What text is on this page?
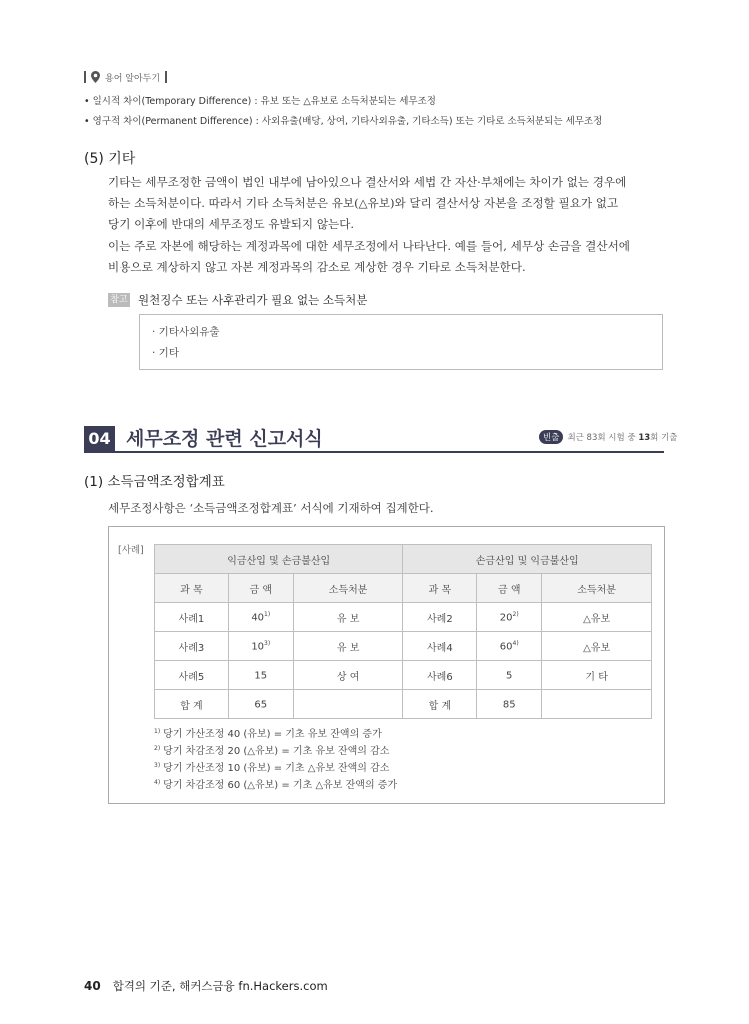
용어 알아두기
• 일시적 차이(Temporary Difference) : 유보 또는 △유보로 소득처분되는 세무조정
• 영구적 차이(Permanent Difference) : 사외유출(배당, 상여, 기타사외유출, 기타소득) 또는 기타로 소득처분되는 세무조정
(5) 기타
기타는 세무조정한 금액이 법인 내부에 남아있으나 결산서와 세법 간 자산·부채에는 차이가 없는 경우에
하는 소득처분이다. 따라서 기타 소득처분은 유보(△유보)와 달리 결산서상 자본을 조정할 필요가 없고
당기 이후에 반대의 세무조정도 유발되지 않는다.
이는 주로 자본에 해당하는 계정과목에 대한 세무조정에서 나타난다. 예를 들어, 세무상 손금을 결산서에
비용으로 계상하지 않고 자본 계정과목의 감소로 계상한 경우 기타로 소득처분한다.
참고 원천징수 또는 사후관리가 필요 없는 소득처분
· 기타사외유출
· 기타
04 세무조정 관련 신고서식	빈출 최근 83회 시험 중 13회 기출
(1) 소득금액조정합계표
세무조정사항은 ‘소득금액조정합계표’ 서식에 기재하여 집계한다.
[사례]
익금산입 및 손금불산입			손금산입 및 익금불산입		
과 목	금 액	소득처분	과 목	금 액	소득처분
사례1	40$^{1)}$	유 보	사례2	20$^{2)}$	△유보
사례3	10$^{3)}$	유 보	사례4	60$^{4)}$	△유보
사례5	15	상 여	사례6	5	기 타
합 계	65		합 계	85	
$^{1)}$ 당기 가산조정 40 (유보) = 기초 유보 잔액의 증가
$^{2)}$ 당기 차감조정 20 (△유보) = 기초 유보 잔액의 감소
$^{3)}$ 당기 가산조정 10 (유보) = 기초 △유보 잔액의 감소
$^{4)}$ 당기 차감조정 60 (△유보) = 기초 △유보 잔액의 증가
40 합격의 기준, 해커스금융 fn.Hackers.com
